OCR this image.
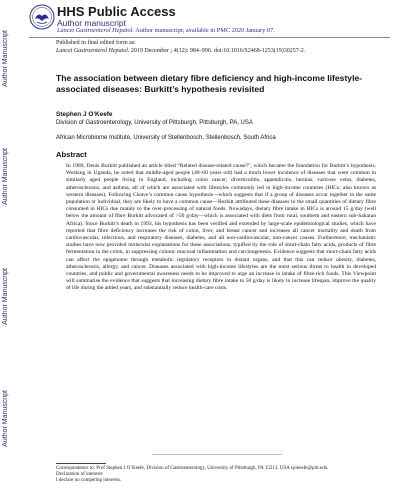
Author Manuscript
Author Manuscript
Author Manuscript
Author Manuscript
HHS Public Access
Author manuscript
Lancet Gastroenterol Hepatol. Author manuscript; available in PMC 2020 January 07.
Published in final edited form as:
Lancet Gastroenterol Hepatol. 2019 December ; 4(12): 984–996. doi:10.1016/S2468-1253(19)30257-2.
The association between dietary fibre deficiency and high-income lifestyle-associated diseases: Burkitt’s hypothesis revisited
Stephen J O’Keefe
Division of Gastroenterology, University of Pittsburgh, Pittsburgh, PA, USA
African Microbiome Institute, University of Stellenbosch, Stellenbosch, South Africa
Abstract
In 1969, Denis Burkitt published an article titled “Related disease-related cause?”, which became the foundation for Burkitt’s hypothesis. Working in Uganda, he noted that middle-aged people (40–60 years old) had a much lower incidence of diseases that were common in similarly aged people living in England, including colon cancer, diverticulitis, appendicitis, hernias, varicose veins, diabetes, atherosclerosis, and asthma, all of which are associated with lifestyles commonly led in high-income countries (HICs; also known as western diseases). Following Cleave’s common cause hypothesis—which suggests that if a group of diseases occur together in the same population or individual, they are likely to have a common cause—Burkitt attributed these diseases to the small quantities of dietary fibre consumed in HICs due mainly to the over-processing of natural foods. Nowadays, dietary fibre intake in HICs is around 15 g/day (well below the amount of fibre Burkitt advocated of >50 g/day—which is associated with diets from rural, southern and eastern sub-Saharan Africa). Since Burkitt’s death in 1993, his hypothesis has been verified and extended by large-scale epidemiological studies, which have reported that fibre deficiency increases the risk of colon, liver, and breast cancer and increases all cancer mortality and death from cardiovascular, infectious, and respiratory diseases, diabetes, and all non-cardiovascular, non-cancer causes. Furthermore, mechanistic studies have now provided molecular explanations for these associations, typified by the role of short-chain fatty acids, products of fibre fermentation in the colon, in suppressing colonic mucosal inflammation and carcinogenesis. Evidence suggests that short-chain fatty acids can affect the epigenome through metabolic regulatory receptors in distant organs, and that this can reduce obesity, diabetes, atherosclerosis, allergy, and cancer. Diseases associated with high-income lifestyles are the most serious threat to health in developed countries, and public and governmental awareness needs to be improved to urge an increase in intake of fibre-rich foods. This Viewpoint will summarise the evidence that suggests that increasing dietary fibre intake to 50 g/day is likely to increase lifespan, improve the quality of life during the added years, and substantially reduce health-care costs.
Correspondence to: Prof Stephen J O’Keefe, Division of Gastroenterology, University of Pittsburgh, PA 15213, USA sjokeefe@pitt.edu.
Declaration of interests
I declare no competing interests.
